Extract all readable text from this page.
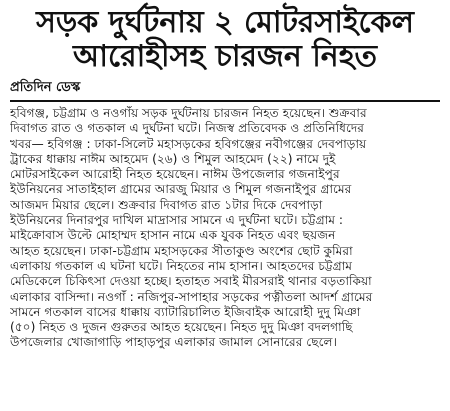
সড়ক দুর্ঘটনায় ২ মোটরসাইকেল
আরোহীসহ চারজন নিহত
প্রতিদিন ডেস্ক
হবিগঞ্জ, চট্টগ্রাম ও নওগাঁয় সড়ক দুর্ঘটনায় চারজন নিহত হয়েছেন। শুক্রবার
দিবাগত রাত ও গতকাল এ দুর্ঘটনা ঘটে। নিজস্ব প্রতিবেদক ও প্রতিনিধিদের
খবর— হবিগঞ্জ : ঢাকা-সিলেট মহাসড়কের হবিগঞ্জের নবীগঞ্জের দেবপাড়ায়
ট্রাকের ধাক্কায় নাঈম আহমেদ (২৬) ও শিমুল আহমেদ (২২) নামে দুই
মোটরসাইকেল আরোহী নিহত হয়েছেন। নাঈম উপজেলার গজনাইপুর
ইউনিয়নের সাতাইহাল গ্রামের আরজু মিয়ার ও শিমুল গজনাইপুর গ্রামের
আজমদ মিয়ার ছেলে। শুক্রবার দিবাগত রাত ১টার দিকে দেবপাড়া
ইউনিয়নের দিনারপুর দাখিল মাদ্রাসার সামনে এ দুর্ঘটনা ঘটে। চট্টগ্রাম :
মাইক্রোবাস উল্টে মোহাম্মদ হাসান নামে এক যুবক নিহত এবং ছয়জন
আহত হয়েছেন। ঢাকা-চট্টগ্রাম মহাসড়কের সীতাকুণ্ড অংশের ছোট কুমিরা
এলাকায় গতকাল এ ঘটনা ঘটে। নিহতের নাম হাসান। আহতদের চট্টগ্রাম
মেডিকেলে চিকিৎসা দেওয়া হচ্ছে। হতাহত সবাই মীরসরাই থানার বড়তাকিয়া
এলাকার বাসিন্দা। নওগাঁ : নজিপুর-সাপাহার সড়কের পত্নীতলা আদর্শ গ্রামের
সামনে গতকাল বাসের ধাক্কায় ব্যাটারিচালিত ইজিবাইক আরোহী দুদু মিঞা
(৫০) নিহত ও দুজন গুরুতর আহত হয়েছেন। নিহত দুদু মিঞা বদলগাছি
উপজেলার খোজাগাড়ি পাহাড়পুর এলাকার জামাল সোনারের ছেলে।
